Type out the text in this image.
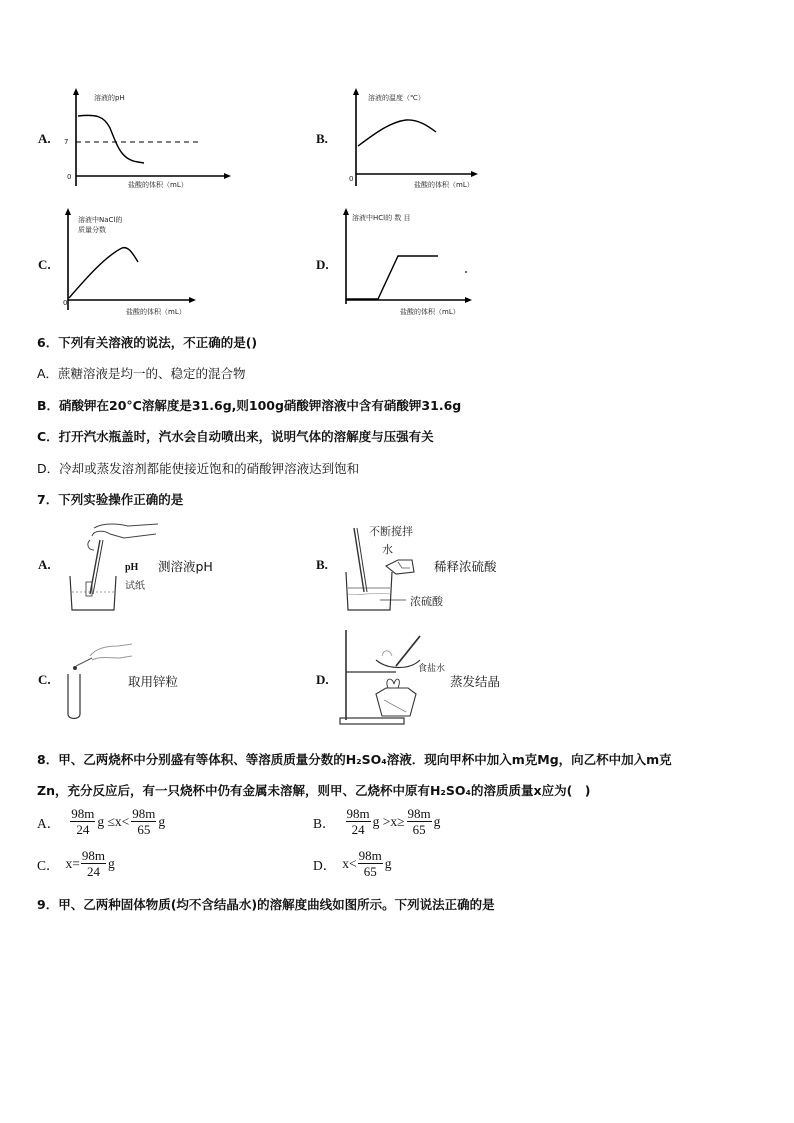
A.
溶液的pH
7
0
盐酸的体积（mL）
B.
溶液的温度（℃）
0
盐酸的体积（mL）
C.
溶液中NaCl的
质量分数
0
盐酸的体积（mL）
D.
溶液中HCl的 数 目
盐酸的体积（mL）
6．下列有关溶液的说法，不正确的是()
A．蔗糖溶液是均一的、稳定的混合物
B．硝酸钾在20°C溶解度是31.6g,则100g硝酸钾溶液中含有硝酸钾31.6g
C．打开汽水瓶盖时，汽水会自动喷出来，说明气体的溶解度与压强有关
D．冷却或蒸发溶剂都能使接近饱和的硝酸钾溶液达到饱和
7．下列实验操作正确的是
A.	pH
试纸
测溶液pH	B.
不断搅拌
水
浓硫酸
稀释浓硫酸
C.	取用锌粒	D.
食盐水
蒸发结晶
8．甲、乙两烧杯中分别盛有等体积、等溶质质量分数的H₂SO₄溶液．现向甲杯中加入m克Mg，向乙杯中加入m克
Zn，充分反应后，有一只烧杯中仍有金属未溶解，则甲、乙烧杯中原有H₂SO₄的溶质质量x应为(　)
A． $\frac{98m}{24}$ $g \le x< \frac{98m}{65}$ g	B． $\frac{98m}{24}$ $g >x\ge \frac{98m}{65}$ g
C． $x= \frac{98m}{24}$ g	D． $x< \frac{98m}{65}$ g
9．甲、乙两种固体物质(均不含结晶水)的溶解度曲线如图所示。下列说法正确的是
